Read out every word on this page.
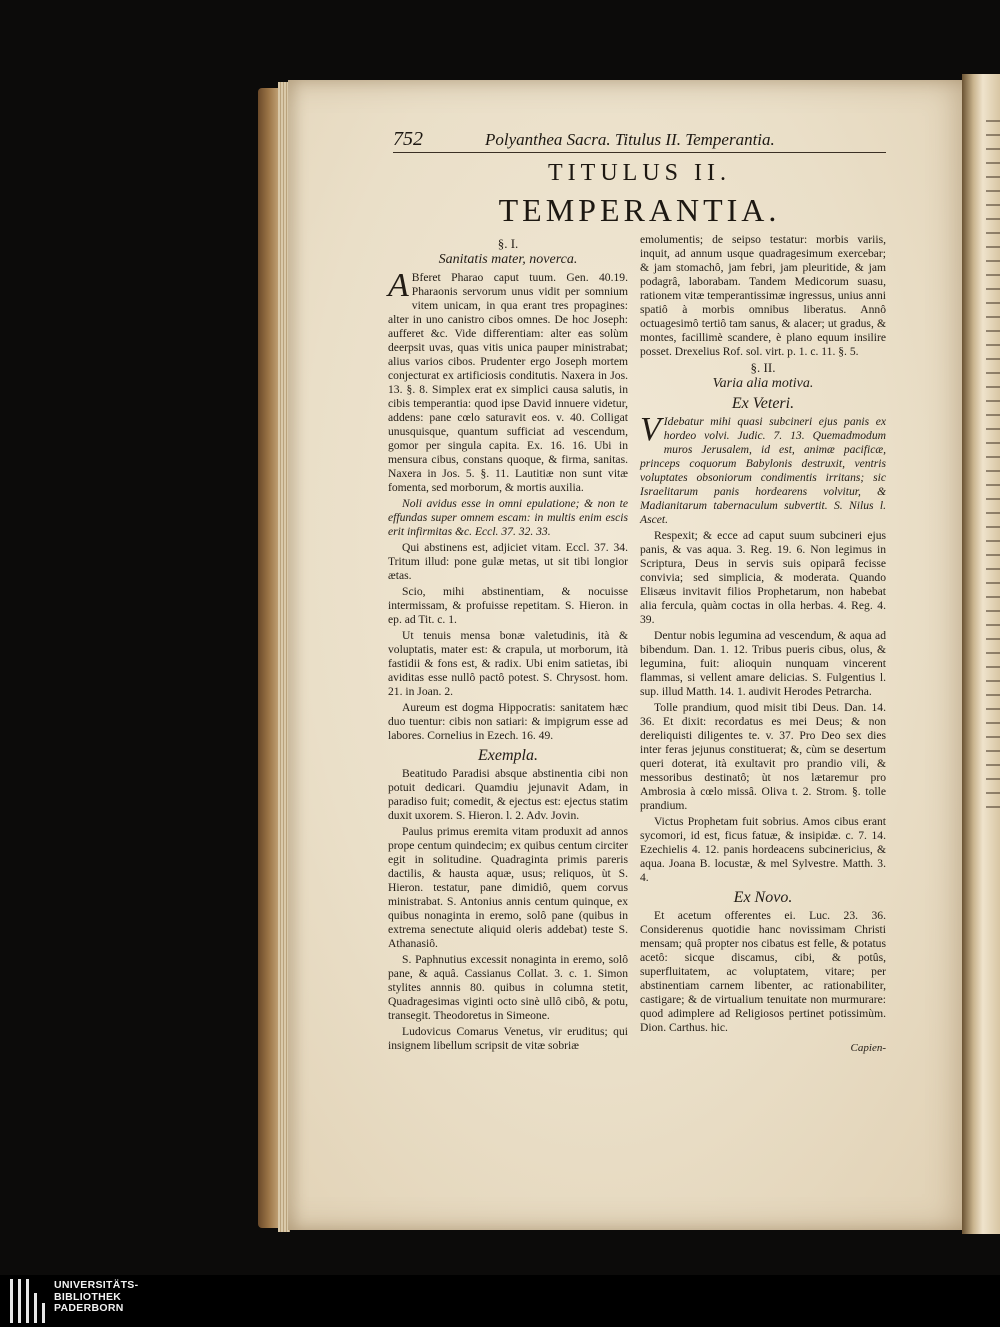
752	Polyanthea Sacra. Titulus II. Temperantia.
TITULUS II.
TEMPERANTIA.
§. I.
Sanitatis mater, noverca.

A Bferet Pharao caput tuum. Gen. 40.19. Pharaonis servorum unus vidit per somnium vitem unicam, in qua erant tres propagines: alter in uno canistro cibos omnes. De hoc Joseph: aufferet &c. Vide differentiam: alter eas solùm deerpsit uvas, quas vitis unica pauper ministrabat; alius varios cibos. Prudenter ergo Joseph mortem conjecturat ex artificiosis conditutis. Naxera in Jos. 13. §. 8. Simplex erat ex simplici causa salutis, in cibis temperantia: quod ipse David innuere videtur, addens: pane cœlo saturavit eos. v. 40. Colligat unusquisque, quantum sufficiat ad vescendum, gomor per singula capita. Ex. 16. 16. Ubi in mensura cibus, constans quoque, & firma, sanitas. Naxera in Jos. 5. §. 11. Lautitiæ non sunt vitæ fomenta, sed morborum, & mortis auxilia.

Noli avidus esse in omni epulatione; & non te effundas super omnem escam: in multis enim escis erit infirmitas &c. Eccl. 37. 32. 33.

Qui abstinens est, adjiciet vitam. Eccl. 37. 34. Tritum illud: pone gulæ metas, ut sit tibi longior ætas.

Scio, mihi abstinentiam, & nocuisse intermissam, & profuisse repetitam. S. Hieron. in ep. ad Tit. c. 1.

Ut tenuis mensa bonæ valetudinis, ità & voluptatis, mater est: & crapula, ut morborum, ità fastidii & fons est, & radix. Ubi enim satietas, ibi aviditas esse nullô pactô potest. S. Chrysost. hom. 21. in Joan. 2.

Aureum est dogma Hippocratis: sanitatem hæc duo tuentur: cibis non satiari: & impigrum esse ad labores. Cornelius in Ezech. 16. 49.

Exempla.

Beatitudo Paradisi absque abstinentia cibi non potuit dedicari. Quamdiu jejunavit Adam, in paradiso fuit; comedit, & ejectus est: ejectus statim duxit uxorem. S. Hieron. l. 2. Adv. Jovin.

Paulus primus eremita vitam produxit ad annos prope centum quindecim; ex quibus centum circiter egit in solitudine. Quadraginta primis pareris dactilis, & hausta aquæ, usus; reliquos, ùt S. Hieron. testatur, pane dimidiô, quem corvus ministrabat. S. Antonius annis centum quinque, ex quibus nonaginta in eremo, solô pane (quibus in extrema senectute aliquid oleris addebat) teste S. Athanasiô.

S. Paphnutius excessit nonaginta in eremo, solô pane, & aquâ. Cassianus Collat. 3. c. 1. Simon stylites annnis 80. quibus in columna stetit, Quadragesimas viginti octo sinè ullô cibô, & potu, transegit. Theodoretus in Simeone.

Ludovicus Comarus Venetus, vir eruditus; qui insignem libellum scripsit de vitæ sobriæ

emolumentis; de seipso testatur: morbis variis, inquit, ad annum usque quadragesimum exercebar; & jam stomachô, jam febri, jam pleuritide, & jam podagrâ, laborabam. Tandem Medicorum suasu, rationem vitæ temperantissimæ ingressus, unius anni spatiô à morbis omnibus liberatus. Annô octuagesimô tertiô tam sanus, & alacer; ut gradus, & montes, facillimè scandere, è plano equum insilire posset. Drexelius Rof. sol. virt. p. 1. c. 11. §. 5.

§. II.
Varia alia motiva.
Ex Veteri.

V Idebatur mihi quasi subcineri ejus panis ex hordeo volvi. Judic. 7. 13. Quemadmodum muros Jerusalem, id est, animæ pacificæ, princeps coquorum Babylonis destruxit, ventris voluptates obsoniorum condimentis irritans; sic Israelitarum panis hordearens volvitur, & Madianitarum tabernaculum subvertit. S. Nilus l. Ascet.

Respexit; & ecce ad caput suum subcineri ejus panis, & vas aqua. 3. Reg. 19. 6. Non legimus in Scriptura, Deus in servis suis opiparâ fecisse convivia; sed simplicia, & moderata. Quando Elisæus invitavit filios Prophetarum, non habebat alia fercula, quàm coctas in olla herbas. 4. Reg. 4. 39.

Dentur nobis legumina ad vescendum, & aqua ad bibendum. Dan. 1. 12. Tribus pueris cibus, olus, & legumina, fuit: alioquin nunquam vincerent flammas, si vellent amare delicias. S. Fulgentius l. sup. illud Matth. 14. 1. audivit Herodes Petrarcha.

Tolle prandium, quod misit tibi Deus. Dan. 14. 36. Et dixit: recordatus es mei Deus; & non dereliquisti diligentes te. v. 37. Pro Deo sex dies inter feras jejunus constituerat; &, cùm se desertum queri doterat, ità exultavit pro prandio vili, & messoribus destinatô; ùt nos lætaremur pro Ambrosia à cœlo missâ. Oliva t. 2. Strom. §. tolle prandium.

Victus Prophetam fuit sobrius. Amos cibus erant sycomori, id est, ficus fatuæ, & insipidæ. c. 7. 14. Ezechielis 4. 12. panis hordeacens subcinericius, & aqua. Joana B. locustæ, & mel Sylvestre. Matth. 3. 4.

Ex Novo.

Et acetum offerentes ei. Luc. 23. 36. Considerenus quotidie hanc novissimam Christi mensam; quâ propter nos cibatus est felle, & potatus acetô: sicque discamus, cibi, & potûs, superfluitatem, ac voluptatem, vitare; per abstinentiam carnem libenter, ac rationabiliter, castigare; & de virtualium tenuitate non murmurare: quod adimplere ad Religiosos pertinet potissimùm. Dion. Carthus. hic.

Capien-
UNIVERSITÄTS-
BIBLIOTHEK
PADERBORN
